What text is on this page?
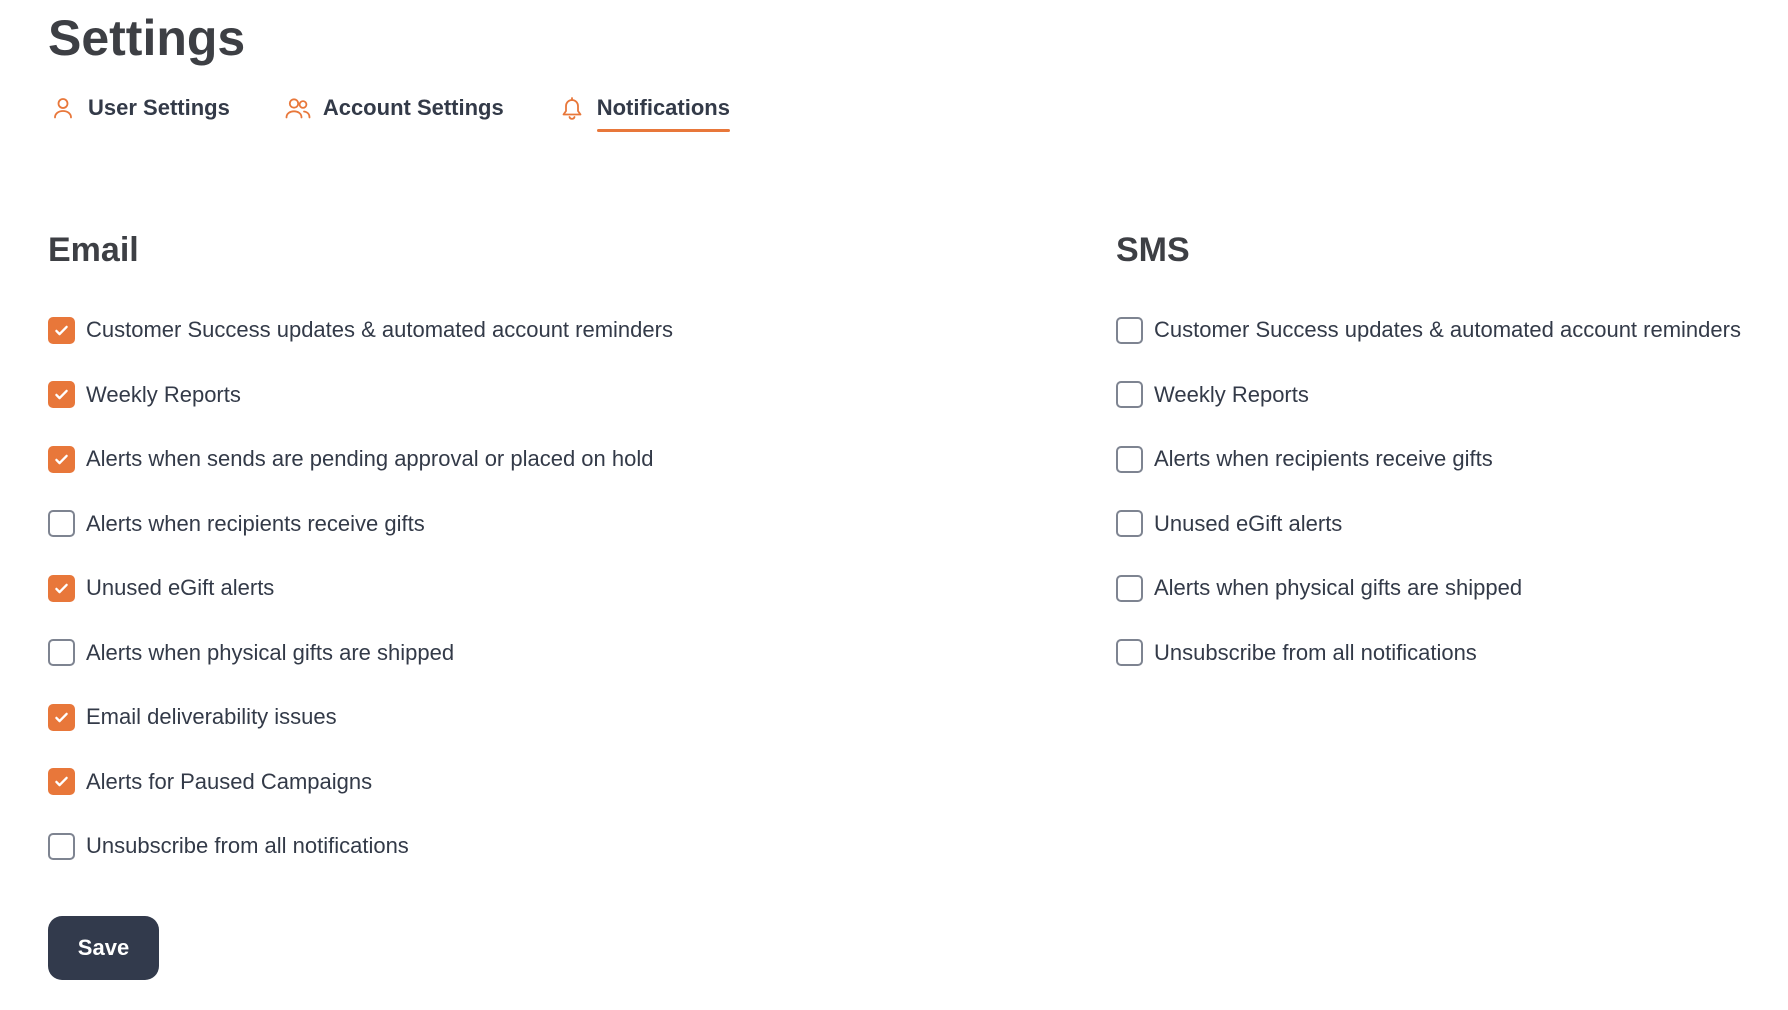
Settings
User Settings	Account Settings	Notifications
Email
Customer Success updates & automated account reminders
Weekly Reports
Alerts when sends are pending approval or placed on hold
Alerts when recipients receive gifts
Unused eGift alerts
Alerts when physical gifts are shipped
Email deliverability issues
Alerts for Paused Campaigns
Unsubscribe from all notifications
SMS
Customer Success updates & automated account reminders
Weekly Reports
Alerts when recipients receive gifts
Unused eGift alerts
Alerts when physical gifts are shipped
Unsubscribe from all notifications
Save
